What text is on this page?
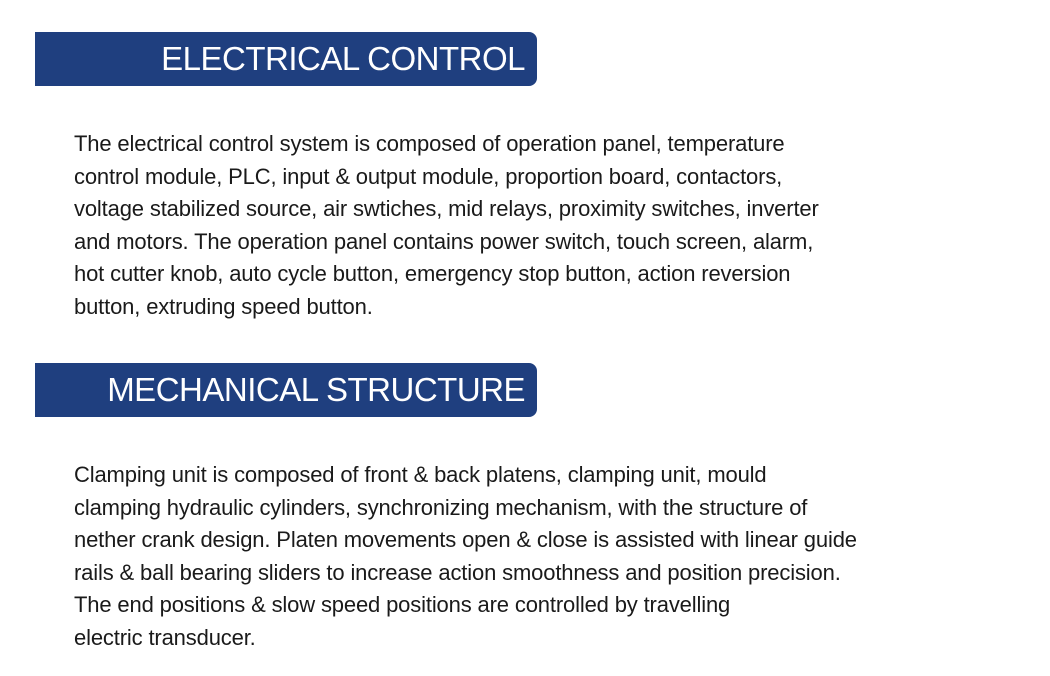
ELECTRICAL CONTROL

The electrical control system is composed of operation panel, temperature
control module, PLC, input & output module, proportion board, contactors,
voltage stabilized source, air swtiches, mid relays, proximity switches, inverter
and motors. The operation panel contains power switch, touch screen, alarm,
hot cutter knob, auto cycle button, emergency stop button, action reversion
button, extruding speed button.

MECHANICAL STRUCTURE

Clamping unit is composed of front & back platens, clamping unit, mould
clamping hydraulic cylinders, synchronizing mechanism, with the structure of
nether crank design. Platen movements open & close is assisted with linear guide
rails & ball bearing sliders to increase action smoothness and position precision.
The end positions & slow speed positions are controlled by travelling
electric transducer.
